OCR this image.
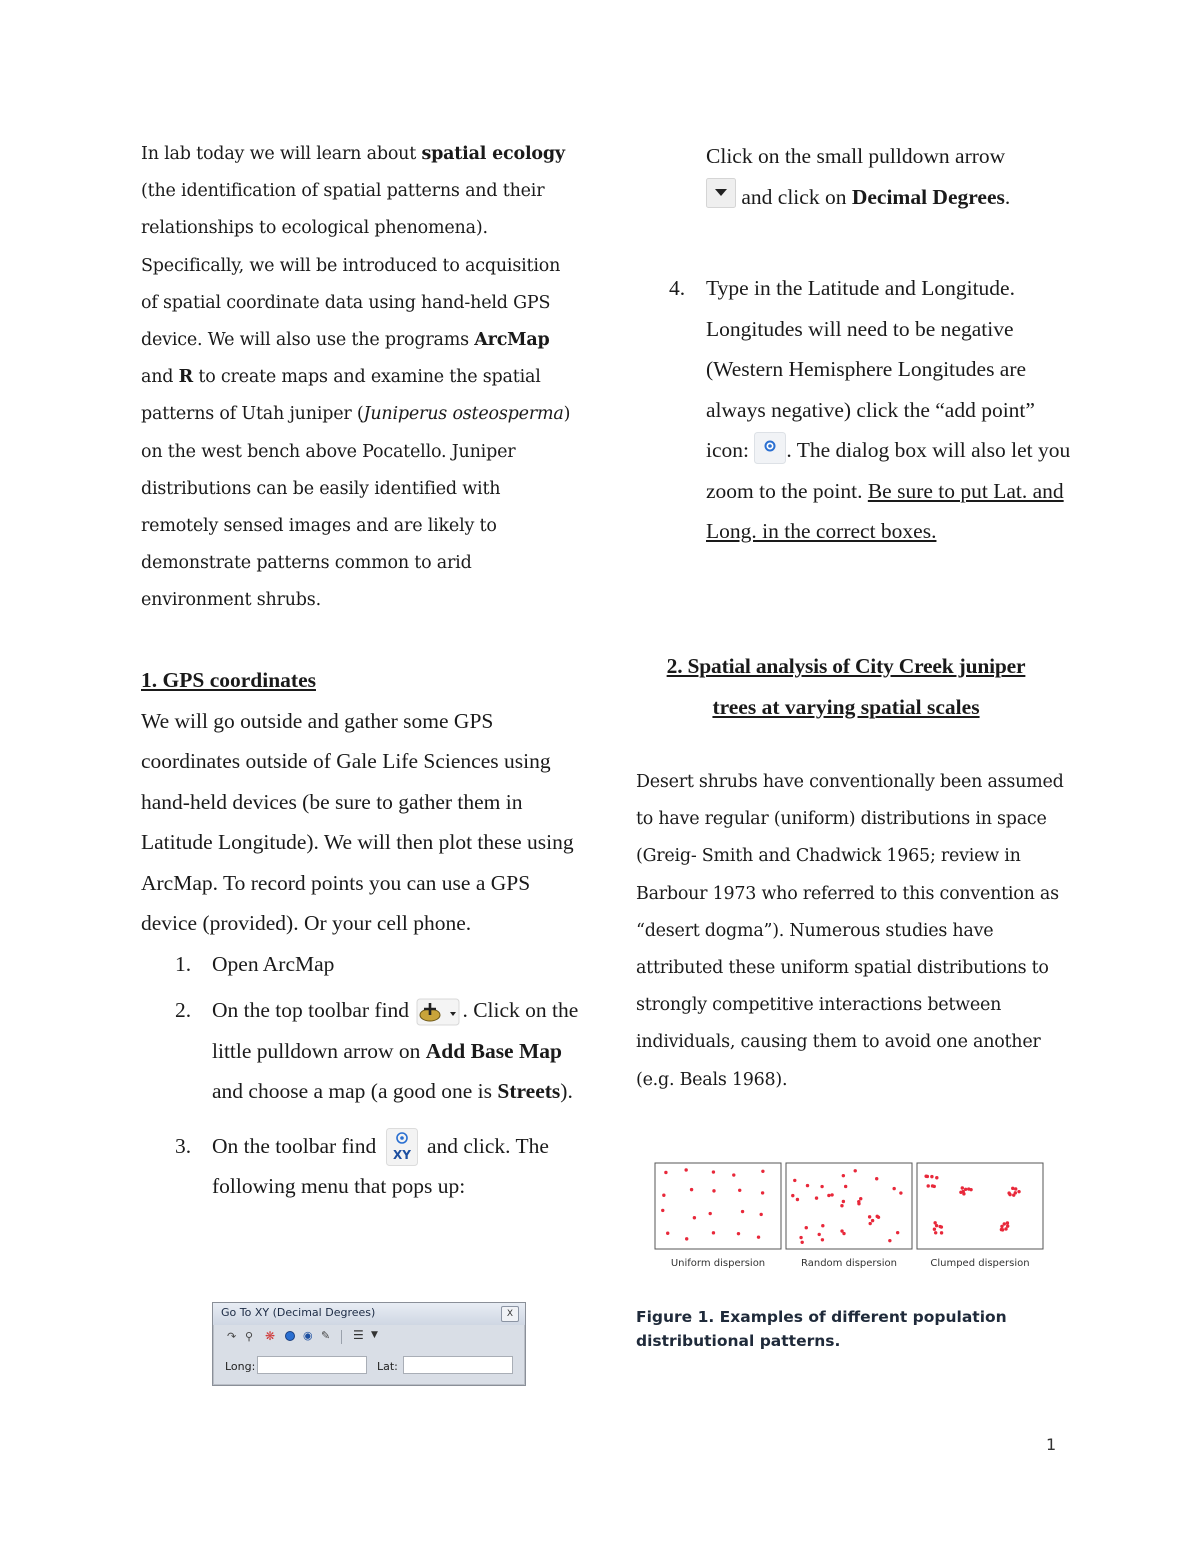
In lab today we will learn about spatial ecology (the identification of spatial patterns and their relationships to ecological phenomena). Specifically, we will be introduced to acquisition of spatial coordinate data using hand-held GPS device. We will also use the programs ArcMap and R to create maps and examine the spatial patterns of Utah juniper (Juniperus osteosperma) on the west bench above Pocatello. Juniper distributions can be easily identified with remotely sensed images and are likely to demonstrate patterns common to arid environment shrubs.

1. GPS coordinates

We will go outside and gather some GPS coordinates outside of Gale Life Sciences using hand-held devices (be sure to gather them in Latitude Longitude). We will then plot these using ArcMap. To record points you can use a GPS device (provided). Or your cell phone.

1. Open ArcMap
2. On the top toolbar find . Click on the little pulldown arrow on Add Base Map and choose a map (a good one is Streets).
3. On the toolbar find XY and click. The following menu that pops up:
Go To XY (Decimal Degrees)	X
↷ ⚲ ❋	◉ ✎ ☰ ▼
Long:	Lat:

Click on the small pulldown arrow
and click on Decimal Degrees.

4. Type in the Latitude and Longitude. Longitudes will need to be negative (Western Hemisphere Longitudes are always negative) click the “add point” icon: . The dialog box will also let you zoom to the point. Be sure to put Lat. and Long. in the correct boxes.

2. Spatial analysis of City Creek juniper

trees at varying spatial scales

Desert shrubs have conventionally been assumed to have regular (uniform) distributions in space (Greig- Smith and Chadwick 1965; review in Barbour 1973 who referred to this convention as “desert dogma”). Numerous studies have attributed these uniform spatial distributions to strongly competitive interactions between individuals, causing them to avoid one another (e.g. Beals 1968).

Uniform dispersion	Random dispersion	Clumped dispersion

Figure 1. Examples of different population

distributional patterns.

1
